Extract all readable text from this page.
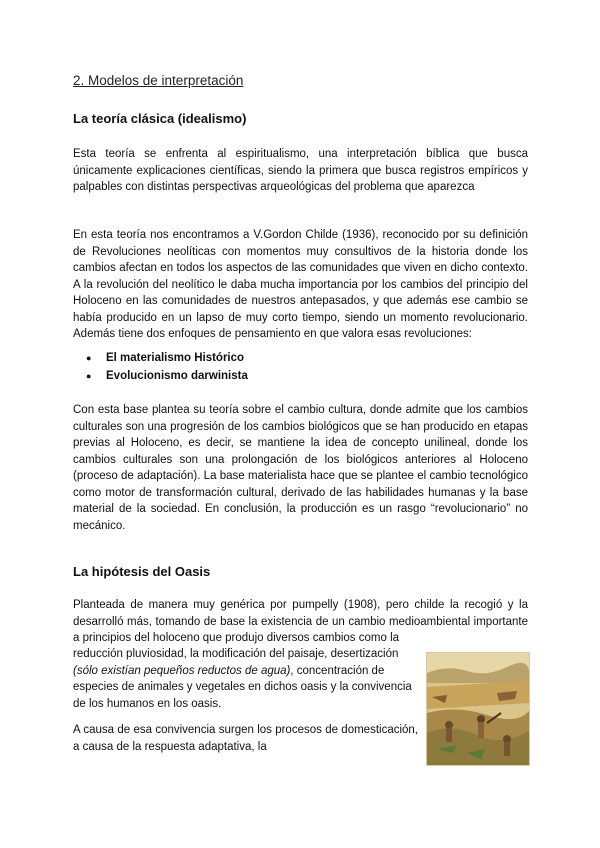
2. Modelos de interpretación
La teoría clásica (idealismo)

Esta teoría se enfrenta al espiritualismo, una interpretación bíblica que busca únicamente explicaciones científicas, siendo la primera que busca registros empíricos y palpables con distintas perspectivas arqueológicas del problema que aparezca

En esta teoría nos encontramos a V.Gordon Childe (1936), reconocido por su definición de Revoluciones neolíticas con momentos muy consultivos de la historia donde los cambios afectan en todos los aspectos de las comunidades que viven en dicho contexto. A la revolución del neolítico le daba mucha importancia por los cambios del principio del Holoceno en las comunidades de nuestros antepasados, y que además ese cambio se había producido en un lapso de muy corto tiempo, siendo un momento revolucionario. Además tiene dos enfoques de pensamiento en que valora esas revoluciones:

● El materialismo Histórico
● Evolucionismo darwinista

Con esta base plantea su teoría sobre el cambio cultura, donde admite que los cambios culturales son una progresión de los cambios biológicos que se han producido en etapas previas al Holoceno, es decir, se mantiene la idea de concepto unilineal, donde los cambios culturales son una prolongación de los biológicos anteriores al Holoceno (proceso de adaptación). La base materialista hace que se plantee el cambio tecnológico como motor de transformación cultural, derivado de las habilidades humanas y la base material de la sociedad. En conclusión, la producción es un rasgo “revolucionario” no mecánico.

La hipótesis del Oasis

Planteada de manera muy genérica por pumpelly (1908), pero childe la recogió y la desarrolló más, tomando de base la existencia de un cambio medioambiental importante a principios del holoceno que produjo diversos cambios como la

reducción pluviosidad, la modificación del paisaje, desertización (sólo existían pequeños reductos de agua), concentración de especies de animales y vegetales en dichos oasis y la convivencia de los humanos en los oasis.

A causa de esa convivencia surgen los procesos de domesticación, a causa de la respuesta adaptativa, la
